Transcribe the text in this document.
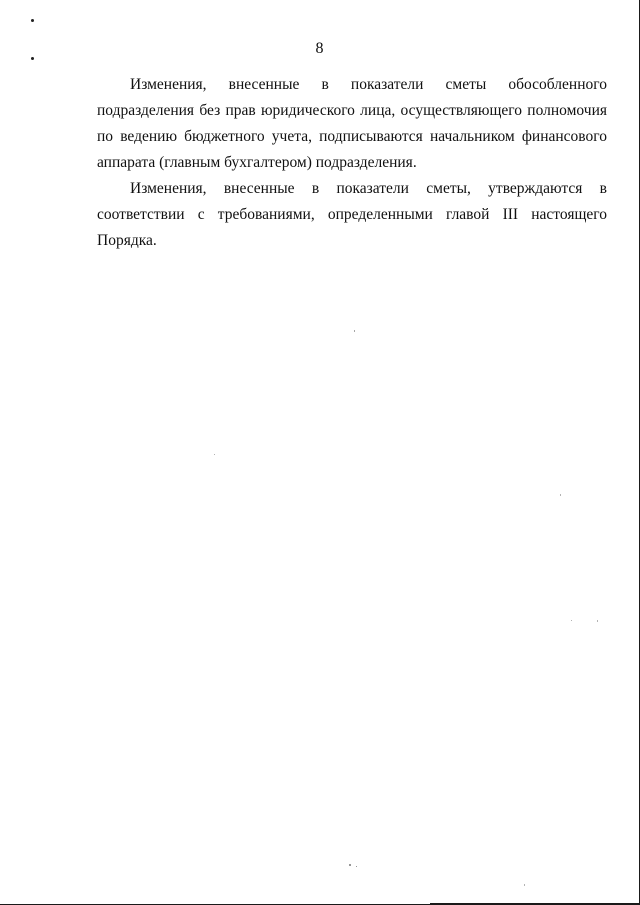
8

Изменения, внесенные в показатели сметы обособленного подразделения без прав юридического лица, осуществляющего полномочия по ведению бюджетного учета, подписываются начальником финансового аппарата (главным бухгалтером) подразделения.

Изменения, внесенные в показатели сметы, утверждаются в соответствии с требованиями, определенными главой III настоящего Порядка.
